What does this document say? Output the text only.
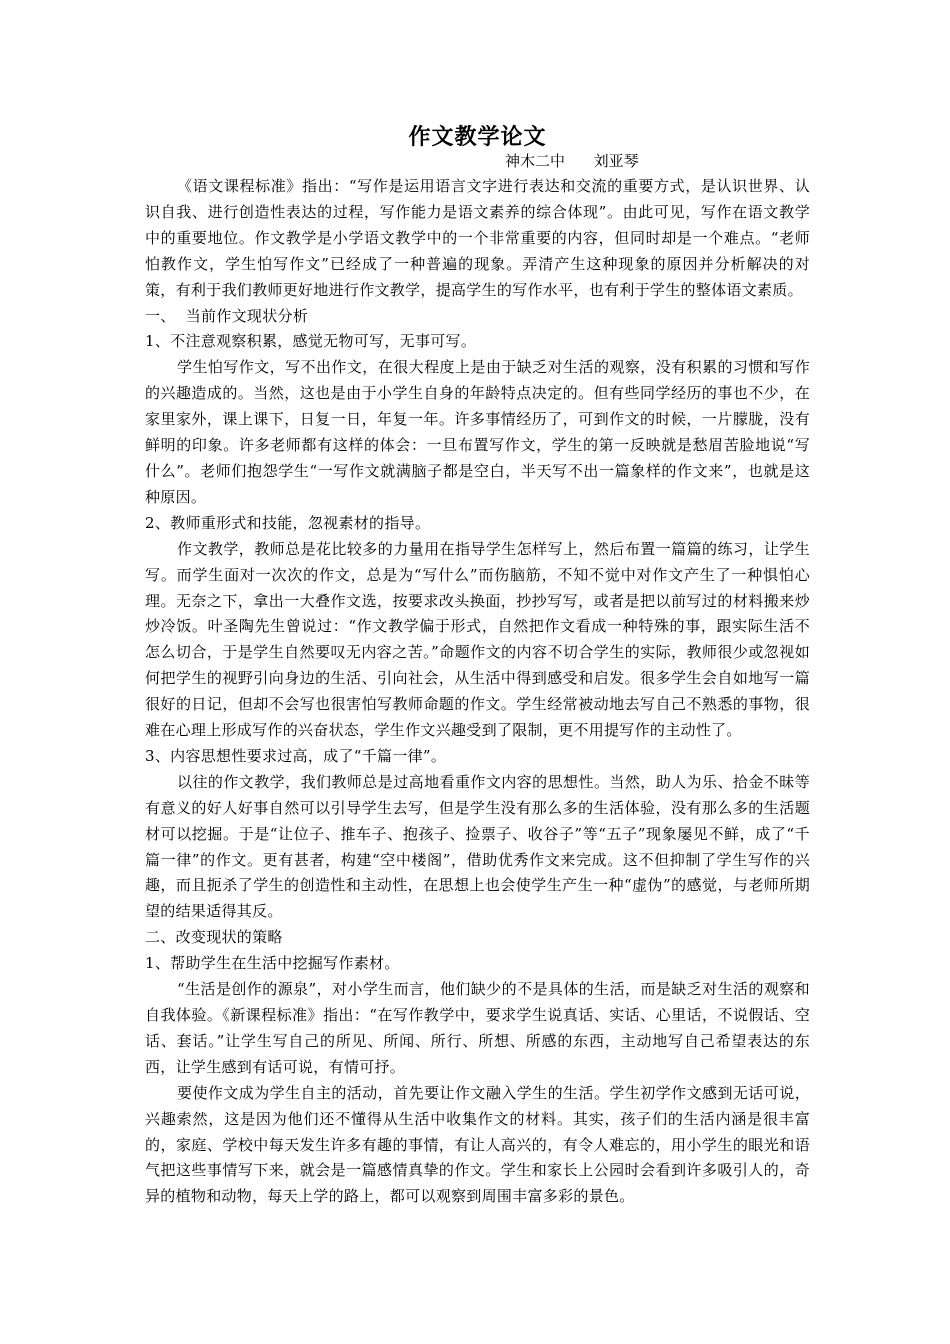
作文教学论文
神木二中      刘亚琴

《语文课程标准》指出：“写作是运用语言文字进行表达和交流的重要方式，是认识世界、认识自我、进行创造性表达的过程，写作能力是语文素养的综合体现”。由此可见，写作在语文教学中的重要地位。作文教学是小学语文教学中的一个非常重要的内容，但同时却是一个难点。“老师怕教作文，学生怕写作文”已经成了一种普遍的现象。弄清产生这种现象的原因并分析解决的对策，有利于我们教师更好地进行作文教学，提高学生的写作水平，也有利于学生的整体语文素质。

一、  当前作文现状分析

1、不注意观察积累，感觉无物可写，无事可写。

学生怕写作文，写不出作文，在很大程度上是由于缺乏对生活的观察，没有积累的习惯和写作的兴趣造成的。当然，这也是由于小学生自身的年龄特点决定的。但有些同学经历的事也不少，在家里家外，课上课下，日复一日，年复一年。许多事情经历了，可到作文的时候，一片朦胧，没有鲜明的印象。许多老师都有这样的体会：一旦布置写作文，学生的第一反映就是愁眉苦脸地说“写什么”。老师们抱怨学生“一写作文就满脑子都是空白，半天写不出一篇象样的作文来”，也就是这种原因。

2、教师重形式和技能，忽视素材的指导。

作文教学，教师总是花比较多的力量用在指导学生怎样写上，然后布置一篇篇的练习，让学生写。而学生面对一次次的作文，总是为“写什么”而伤脑筋，不知不觉中对作文产生了一种惧怕心理。无奈之下，拿出一大叠作文选，按要求改头换面，抄抄写写，或者是把以前写过的材料搬来炒炒冷饭。叶圣陶先生曾说过：“作文教学偏于形式，自然把作文看成一种特殊的事，跟实际生活不怎么切合，于是学生自然要叹无内容之苦。”命题作文的内容不切合学生的实际，教师很少或忽视如何把学生的视野引向身边的生活、引向社会，从生活中得到感受和启发。很多学生会自如地写一篇很好的日记，但却不会写也很害怕写教师命题的作文。学生经常被动地去写自己不熟悉的事物，很难在心理上形成写作的兴奋状态，学生作文兴趣受到了限制，更不用提写作的主动性了。

3、内容思想性要求过高，成了“千篇一律”。

以往的作文教学，我们教师总是过高地看重作文内容的思想性。当然，助人为乐、拾金不昧等有意义的好人好事自然可以引导学生去写，但是学生没有那么多的生活体验，没有那么多的生活题材可以挖掘。于是“让位子、推车子、抱孩子、捡票子、收谷子”等“五子”现象屡见不鲜，成了“千篇一律”的作文。更有甚者，构建“空中楼阁”，借助优秀作文来完成。这不但抑制了学生写作的兴趣，而且扼杀了学生的创造性和主动性，在思想上也会使学生产生一种“虚伪”的感觉，与老师所期望的结果适得其反。

二、改变现状的策略

1、帮助学生在生活中挖掘写作素材。

“生活是创作的源泉”，对小学生而言，他们缺少的不是具体的生活，而是缺乏对生活的观察和自我体验。《新课程标准》指出：“在写作教学中，要求学生说真话、实话、心里话，不说假话、空话、套话。”让学生写自己的所见、所闻、所行、所想、所感的东西，主动地写自己希望表达的东西，让学生感到有话可说，有情可抒。

要使作文成为学生自主的活动，首先要让作文融入学生的生活。学生初学作文感到无话可说，兴趣索然，这是因为他们还不懂得从生活中收集作文的材料。其实，孩子们的生活内涵是很丰富的，家庭、学校中每天发生许多有趣的事情，有让人高兴的，有令人难忘的，用小学生的眼光和语气把这些事情写下来，就会是一篇感情真挚的作文。学生和家长上公园时会看到许多吸引人的，奇异的植物和动物，每天上学的路上，都可以观察到周围丰富多彩的景色。
